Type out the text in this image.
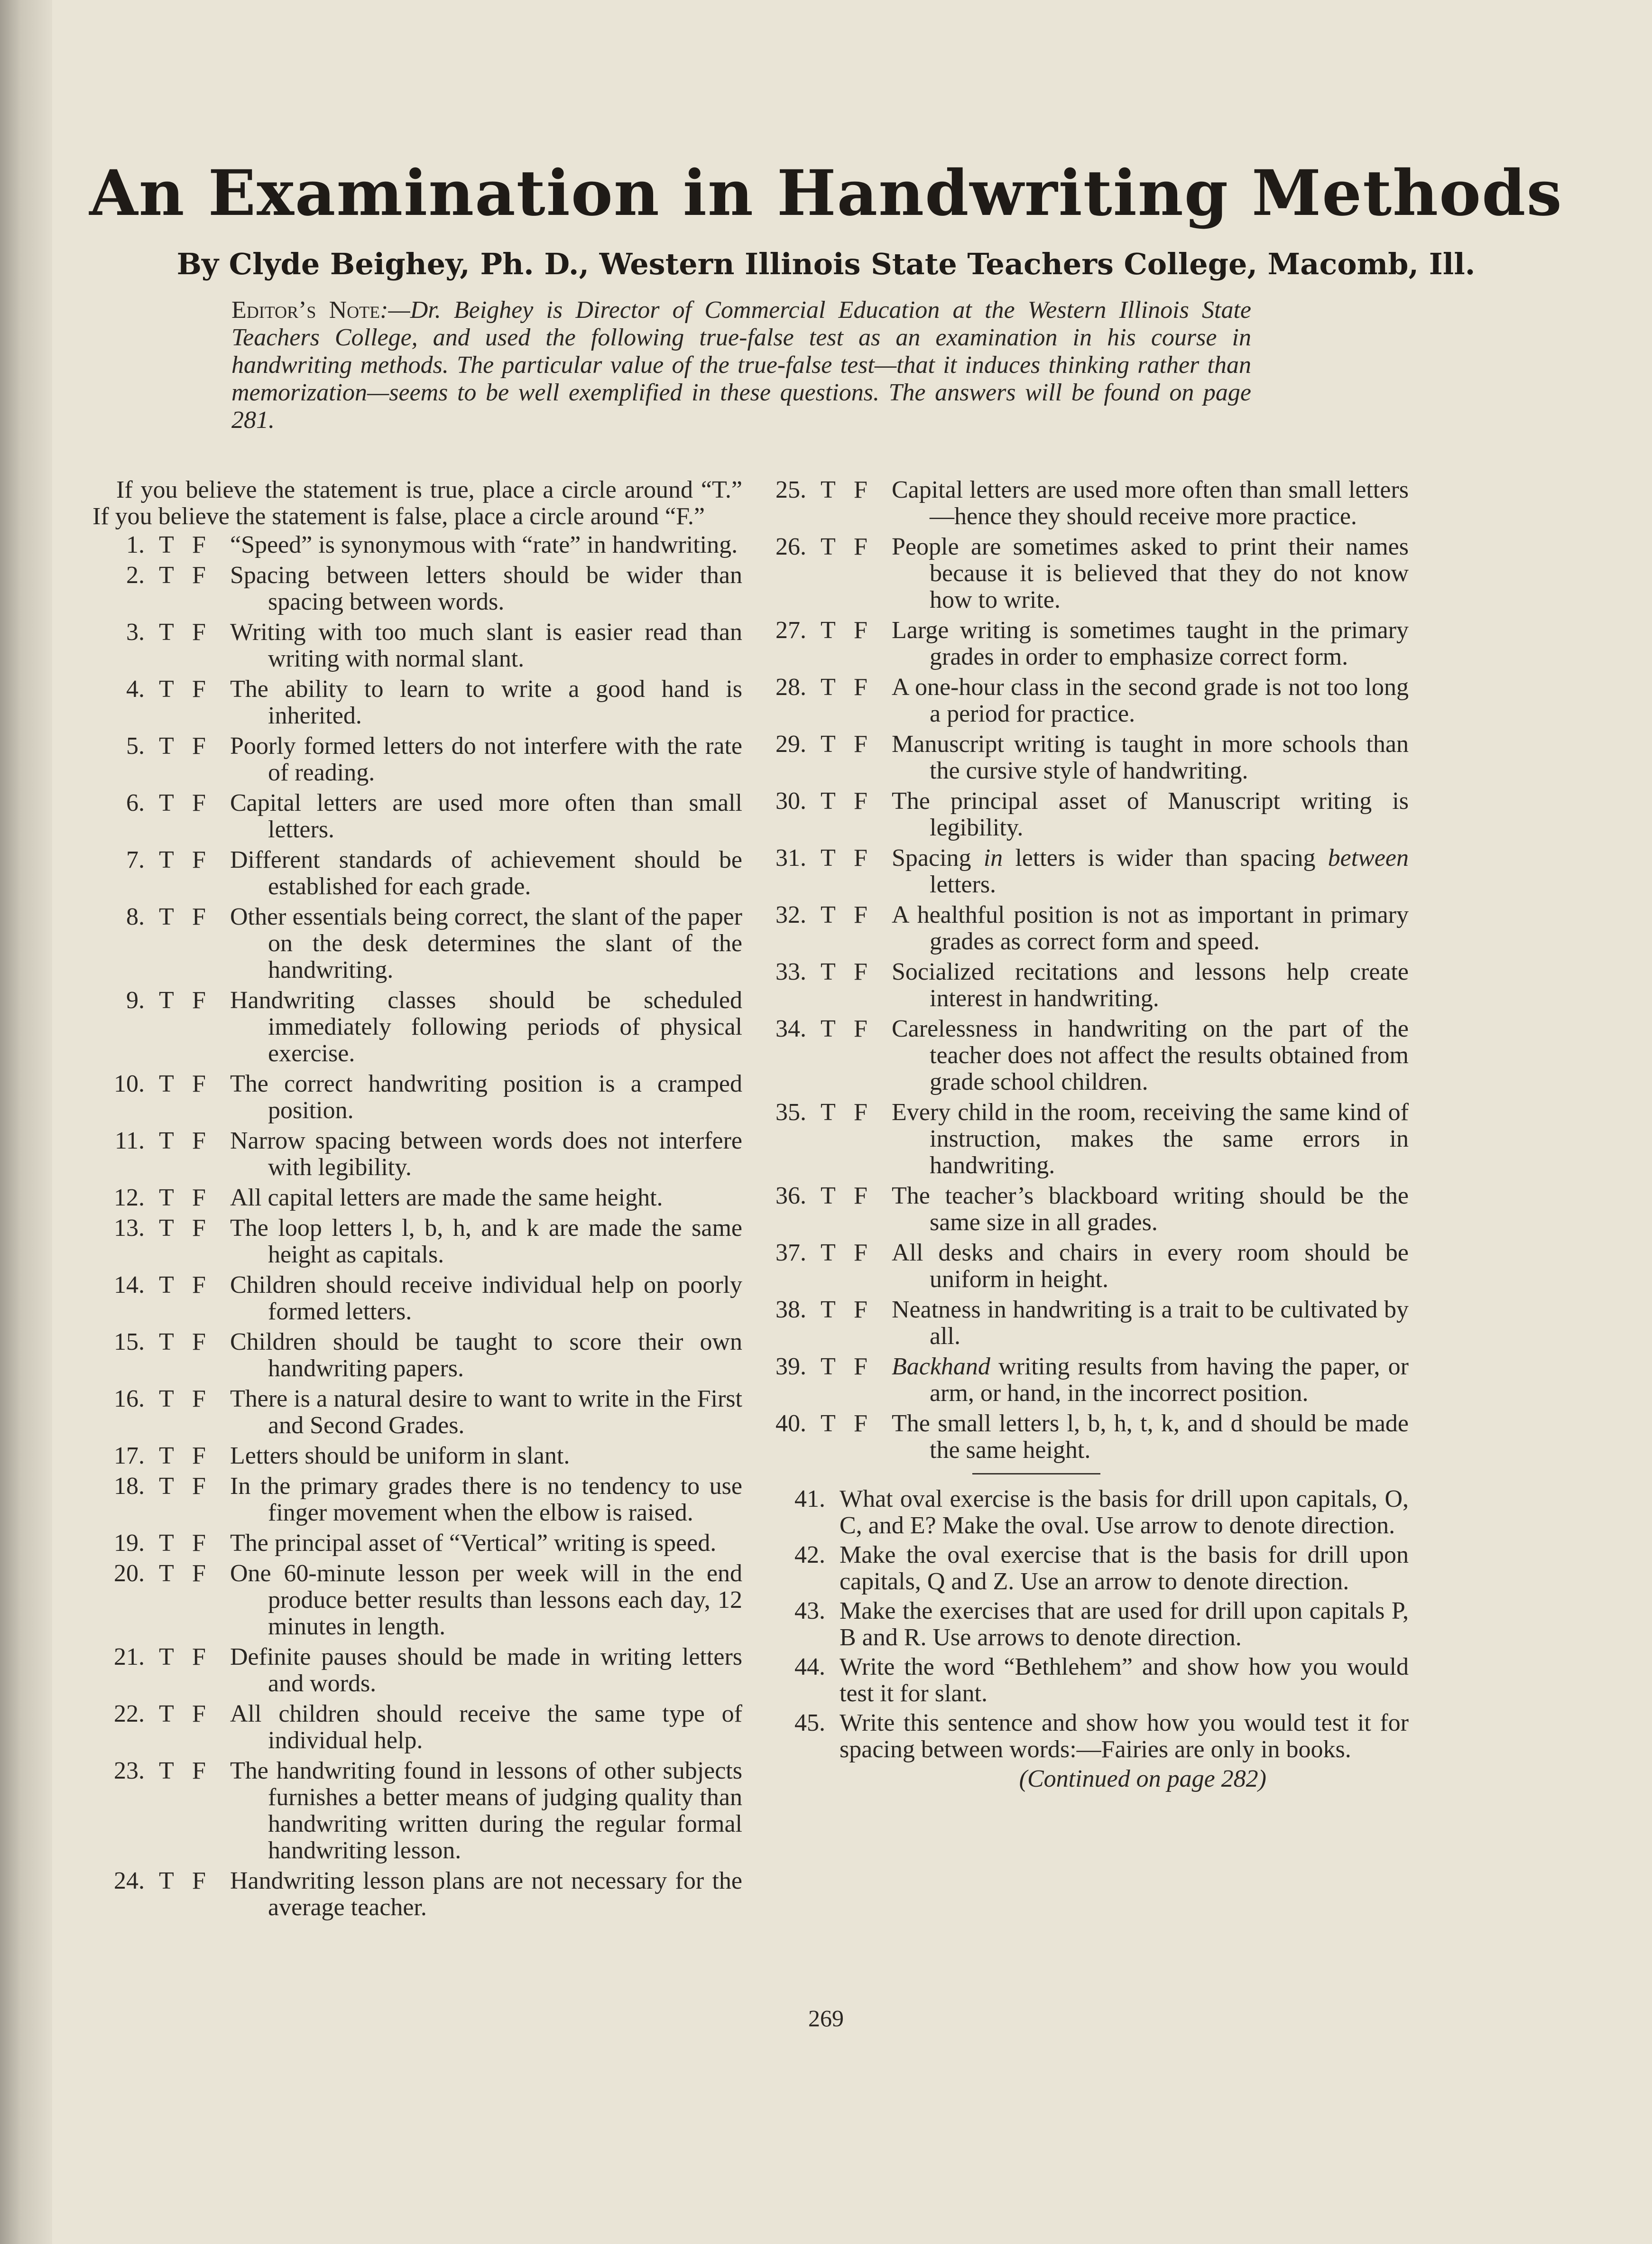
An Examination in Handwriting Methods
By Clyde Beighey, Ph. D., Western Illinois State Teachers College, Macomb, Ill.
Editor’s Note:—Dr. Beighey is Director of Commercial Education at the Western Illinois State Teachers College, and used the following true-false test as an examination in his course in handwriting methods. The particular value of the true-false test—that it induces thinking rather than memorization—seems to be well exemplified in these questions. The answers will be found on page 281.

If you believe the statement is true, place a circle around “T.” If you believe the statement is false, place a circle around “F.”

1. T F “Speed” is synonymous with “rate” in handwriting.
2. T F Spacing between letters should be wider than spacing between words.
3. T F Writing with too much slant is easier read than writing with normal slant.
4. T F The ability to learn to write a good hand is inherited.
5. T F Poorly formed letters do not interfere with the rate of reading.
6. T F Capital letters are used more often than small letters.
7. T F Different standards of achievement should be established for each grade.
8. T F Other essentials being correct, the slant of the paper on the desk determines the slant of the handwriting.
9. T F Handwriting classes should be scheduled immediately following periods of physical exercise.
10. T F The correct handwriting position is a cramped position.
11. T F Narrow spacing between words does not interfere with legibility.
12. T F All capital letters are made the same height.
13. T F The loop letters l, b, h, and k are made the same height as capitals.
14. T F Children should receive individual help on poorly formed letters.
15. T F Children should be taught to score their own handwriting papers.
16. T F There is a natural desire to want to write in the First and Second Grades.
17. T F Letters should be uniform in slant.
18. T F In the primary grades there is no tendency to use finger movement when the elbow is raised.
19. T F The principal asset of “Vertical” writing is speed.
20. T F One 60-minute lesson per week will in the end produce better results than lessons each day, 12 minutes in length.
21. T F Definite pauses should be made in writing letters and words.
22. T F All children should receive the same type of individual help.
23. T F The handwriting found in lessons of other subjects furnishes a better means of judging quality than handwriting written during the regular formal handwriting lesson.
24. T F Handwriting lesson plans are not necessary for the average teacher.
25. T F Capital letters are used more often than small letters—hence they should receive more practice.
26. T F People are sometimes asked to print their names because it is believed that they do not know how to write.
27. T F Large writing is sometimes taught in the primary grades in order to emphasize correct form.
28. T F A one-hour class in the second grade is not too long a period for practice.
29. T F Manuscript writing is taught in more schools than the cursive style of handwriting.
30. T F The principal asset of Manuscript writing is legibility.
31. T F Spacing in letters is wider than spacing between letters.
32. T F A healthful position is not as important in primary grades as correct form and speed.
33. T F Socialized recitations and lessons help create interest in handwriting.
34. T F Carelessness in handwriting on the part of the teacher does not affect the results obtained from grade school children.
35. T F Every child in the room, receiving the same kind of instruction, makes the same errors in handwriting.
36. T F The teacher’s blackboard writing should be the same size in all grades.
37. T F All desks and chairs in every room should be uniform in height.
38. T F Neatness in handwriting is a trait to be cultivated by all.
39. T F Backhand writing results from having the paper, or arm, or hand, in the incorrect position.
40. T F The small letters l, b, h, t, k, and d should be made the same height.
41. What oval exercise is the basis for drill upon capitals, O, C, and E? Make the oval. Use arrow to denote direction.
42. Make the oval exercise that is the basis for drill upon capitals, Q and Z. Use an arrow to denote direction.
43. Make the exercises that are used for drill upon capitals P, B and R. Use arrows to denote direction.
44. Write the word “Bethlehem” and show how you would test it for slant.
45. Write this sentence and show how you would test it for spacing between words:—Fairies are only in books.
(Continued on page 282)
269
